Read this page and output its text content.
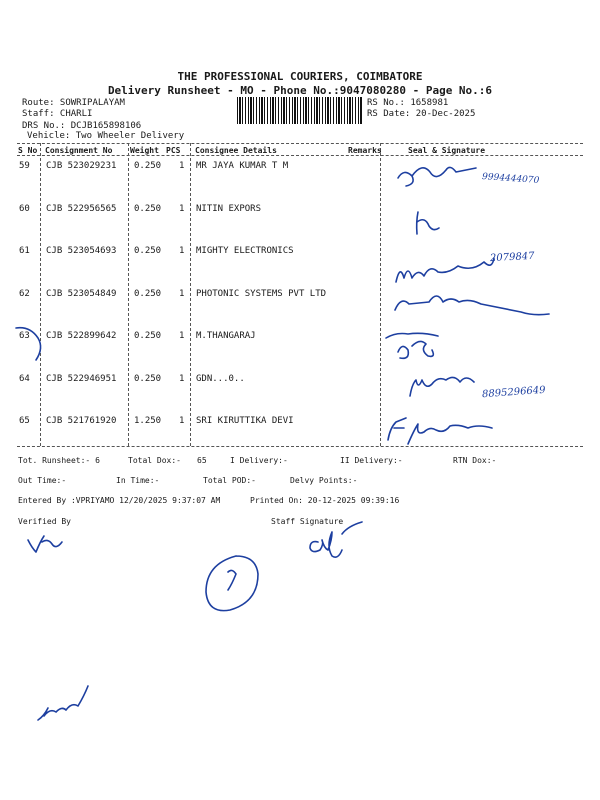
THE PROFESSIONAL COURIERS, COIMBATORE
Delivery Runsheet - MO - Phone No.:9047080280 - Page No.:6
Route: SOWRIPALAYAM
Staff: CHARLI
DRS No.: DCJB165898106
Vehicle: Two Wheeler Delivery
RS No.: 1658981
RS Date: 20-Dec-2025
S No Consignment No Weight PCS Consignee Details	Remarks	Seal & Signature
59 CJB 523029231 0.250 1 MR JAYA KUMAR T M
60 CJB 522956565 0.250 1 NITIN EXPORS
61 CJB 523054693 0.250 1 MIGHTY ELECTRONICS
62 CJB 523054849 0.250 1 PHOTONIC SYSTEMS PVT LTD
63 CJB 522899642 0.250 1 M.THANGARAJ
64 CJB 522946951 0.250 1 GDN...0..
65 CJB 521761920 1.250 1 SRI KIRUTTIKA DEVI
Tot. Runsheet:- 6	Total Dox:- 65	I Delivery:-	II Delivery:-	RTN Dox:-
Out Time:-	In Time:-	Total POD:-	Delvy Points:-
Entered By :VPRIYAMO 12/20/2025 9:37:07 AM	Printed On: 20-12-2025 09:39:16
Verified By	Staff Signature
9994444070
2079847
8895296649
